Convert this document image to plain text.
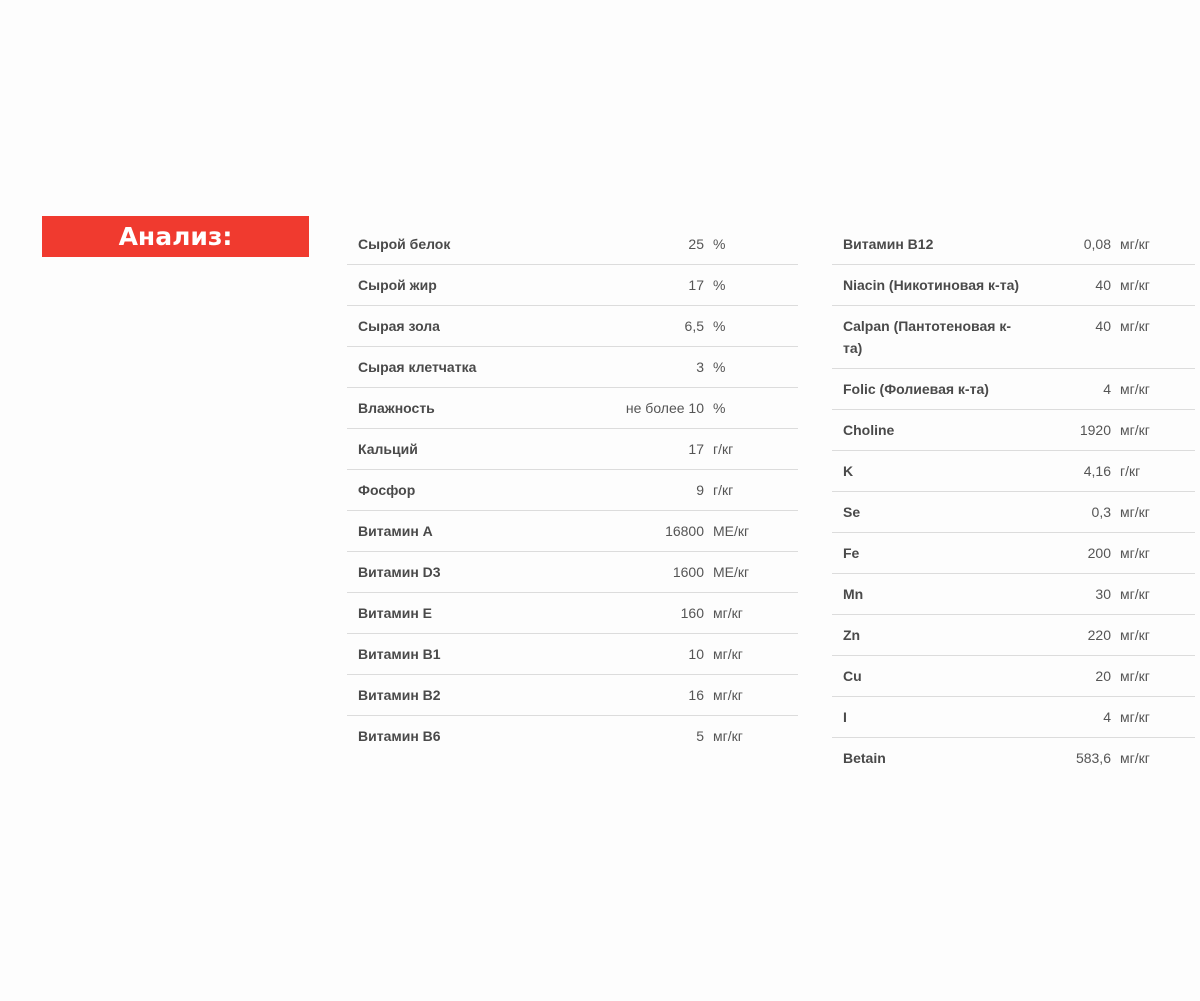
Анализ:	Сырой белок	25	%
Сырой жир	17	%
Сырая зола	6,5	%
Сырая клетчатка	3	%
Влажность	не более 10	%
Кальций	17	г/кг
Фосфор	9	г/кг
Витамин А	16800	МЕ/кг
Витамин D3	1600	МЕ/кг
Витамин Е	160	мг/кг
Витамин В1	10	мг/кг
Витамин В2	16	мг/кг
Витамин В6	5	мг/кг
Витамин В12	0,08	мг/кг
Niacin (Никотиновая к-та)	40	мг/кг
Calpan (Пантотеновая к-та)	40	мг/кг
Folic (Фолиевая к-та)	4	мг/кг
Choline	1920	мг/кг
K	4,16	г/кг
Se	0,3	мг/кг
Fe	200	мг/кг
Mn	30	мг/кг
Zn	220	мг/кг
Cu	20	мг/кг
I	4	мг/кг
Betain	583,6	мг/кг
